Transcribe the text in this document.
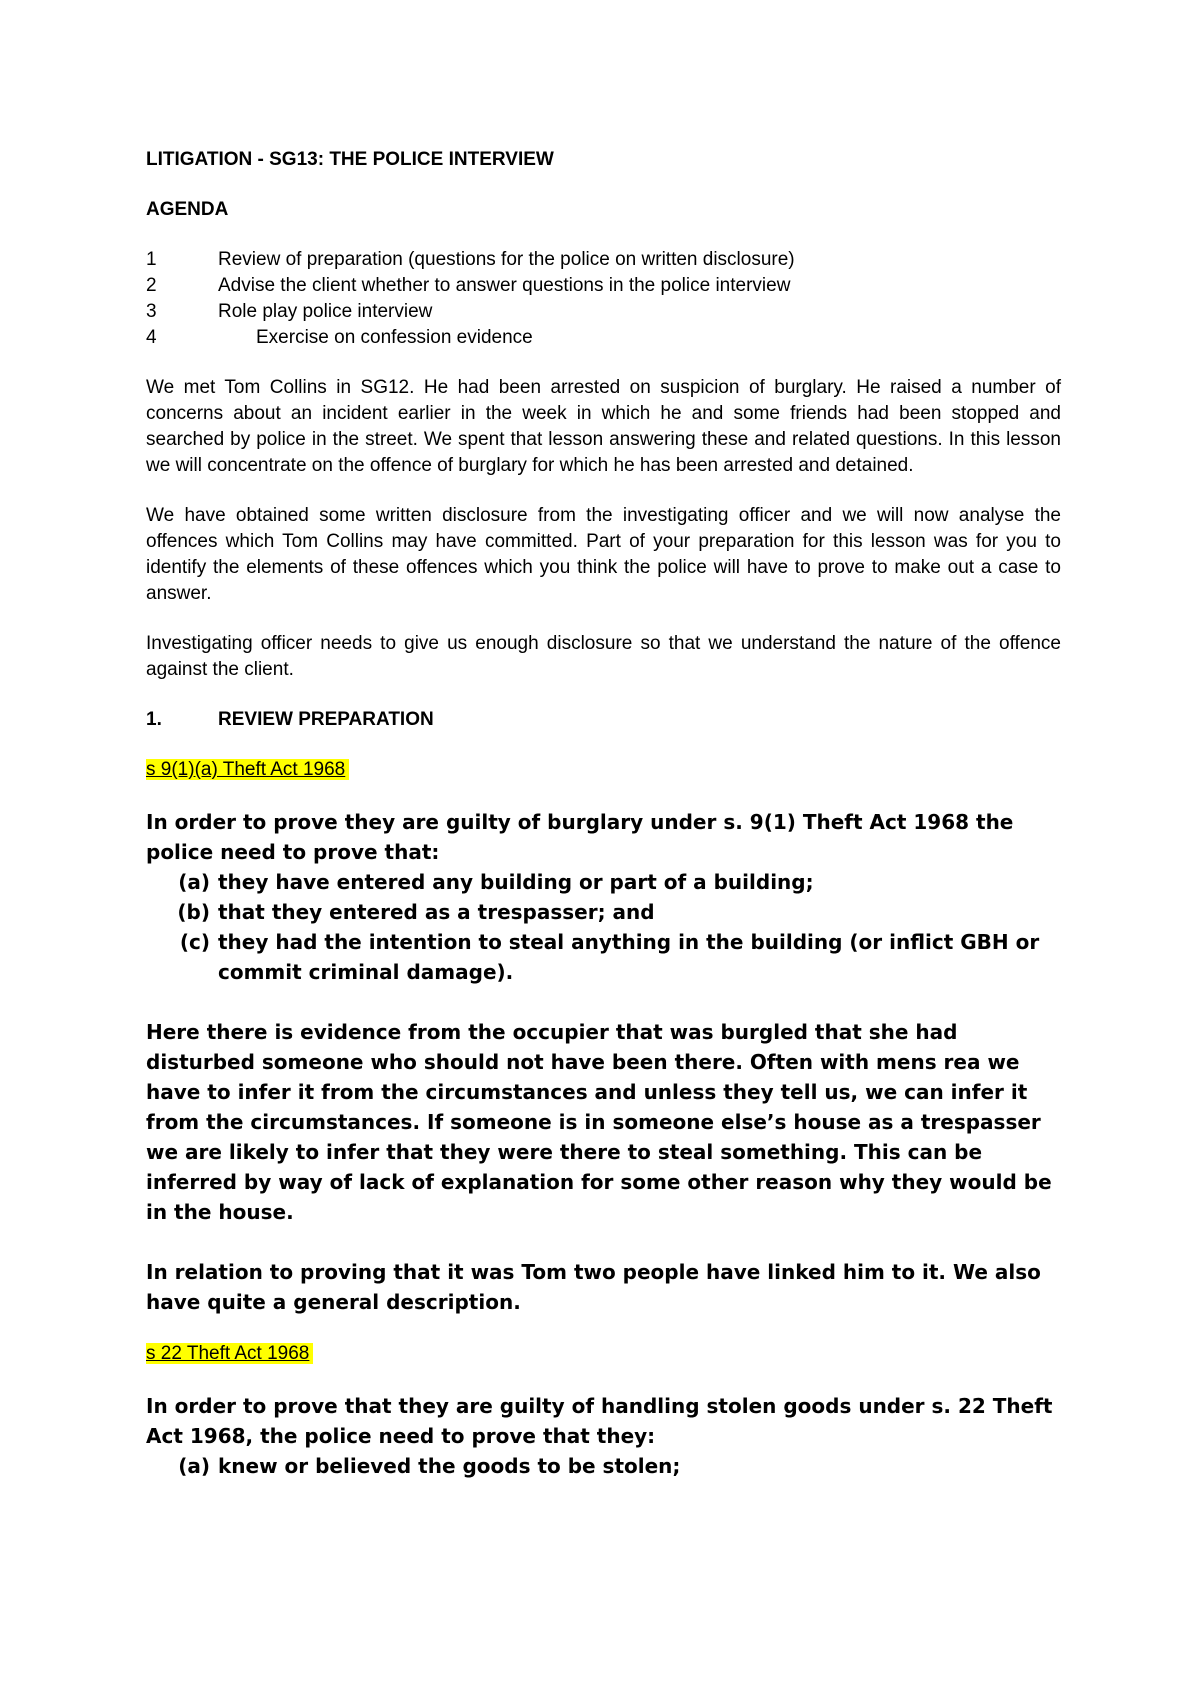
LITIGATION - SG13: THE POLICE INTERVIEW
AGENDA
1	Review of preparation (questions for the police on written disclosure)
2	Advise the client whether to answer questions in the police interview
3	Role play police interview
4	Exercise on confession evidence

We met Tom Collins in SG12. He had been arrested on suspicion of burglary. He raised a number of concerns about an incident earlier in the week in which he and some friends had been stopped and searched by police in the street. We spent that lesson answering these and related questions. In this lesson we will concentrate on the offence of burglary for which he has been arrested and detained.

We have obtained some written disclosure from the investigating officer and we will now analyse the offences which Tom Collins may have committed. Part of your preparation for this lesson was for you to identify the elements of these offences which you think the police will have to prove to make out a case to answer.

Investigating officer needs to give us enough disclosure so that we understand the nature of the offence against the client.

1.	REVIEW PREPARATION
s 9(1)(a) Theft Act 1968

In order to prove they are guilty of burglary under s. 9(1) Theft Act 1968 the police need to prove that:

(a) they have entered any building or part of a building;
(b) that they entered as a trespasser; and
(c) they had the intention to steal anything in the building (or inflict GBH or commit criminal damage).

Here there is evidence from the occupier that was burgled that she had disturbed someone who should not have been there. Often with mens rea we have to infer it from the circumstances and unless they tell us, we can infer it from the circumstances. If someone is in someone else’s house as a trespasser we are likely to infer that they were there to steal something. This can be inferred by way of lack of explanation for some other reason why they would be in the house.

In relation to proving that it was Tom two people have linked him to it. We also have quite a general description.

s 22 Theft Act 1968

In order to prove that they are guilty of handling stolen goods under s. 22 Theft Act 1968, the police need to prove that they:

(a) knew or believed the goods to be stolen;
